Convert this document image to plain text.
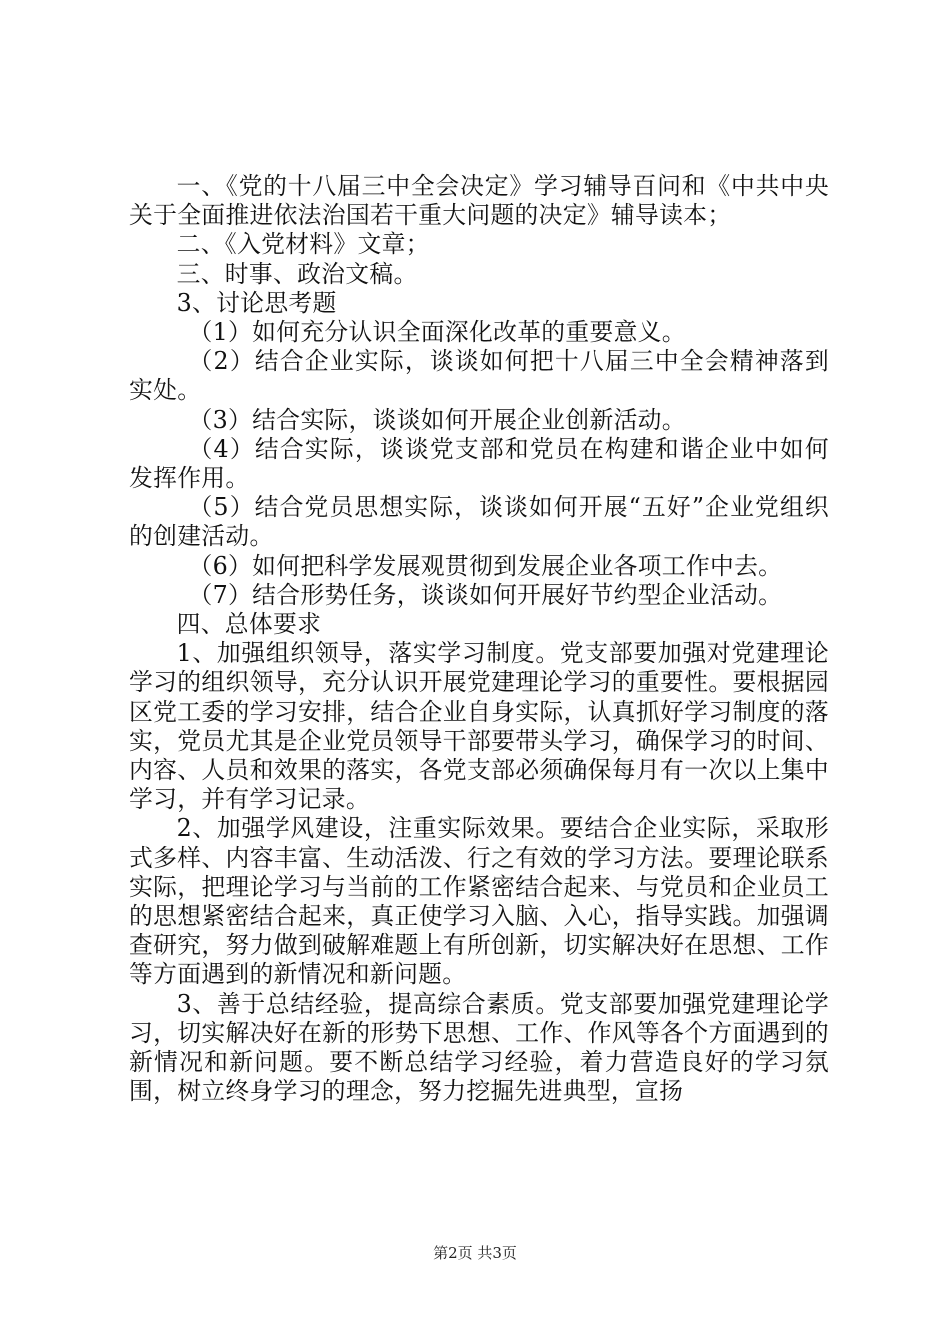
一、《党的十八届三中全会决定》学习辅导百问和《中共中央关于全面推进依法治国若干重大问题的决定》辅导读本；

二、《入党材料》文章；

三、时事、政治文稿。

3、讨论思考题

（1）如何充分认识全面深化改革的重要意义。

（2）结合企业实际，谈谈如何把十八届三中全会精神落到实处。

（3）结合实际，谈谈如何开展企业创新活动。

（4）结合实际，谈谈党支部和党员在构建和谐企业中如何发挥作用。

（5）结合党员思想实际，谈谈如何开展“五好”企业党组织的创建活动。

（6）如何把科学发展观贯彻到发展企业各项工作中去。

（7）结合形势任务，谈谈如何开展好节约型企业活动。

四、总体要求

1、加强组织领导，落实学习制度。党支部要加强对党建理论学习的组织领导，充分认识开展党建理论学习的重要性。要根据园区党工委的学习安排，结合企业自身实际，认真抓好学习制度的落实，党员尤其是企业党员领导干部要带头学习，确保学习的时间、内容、人员和效果的落实，各党支部必须确保每月有一次以上集中学习，并有学习记录。

2、加强学风建设，注重实际效果。要结合企业实际，采取形式多样、内容丰富、生动活泼、行之有效的学习方法。要理论联系实际，把理论学习与当前的工作紧密结合起来、与党员和企业员工的思想紧密结合起来，真正使学习入脑、入心，指导实践。加强调查研究，努力做到破解难题上有所创新，切实解决好在思想、工作等方面遇到的新情况和新问题。

3、善于总结经验，提高综合素质。党支部要加强党建理论学习，切实解决好在新的形势下思想、工作、作风等各个方面遇到的新情况和新问题。要不断总结学习经验，着力营造良好的学习氛围，树立终身学习的理念，努力挖掘先进典型，宣扬

第2页 共3页
